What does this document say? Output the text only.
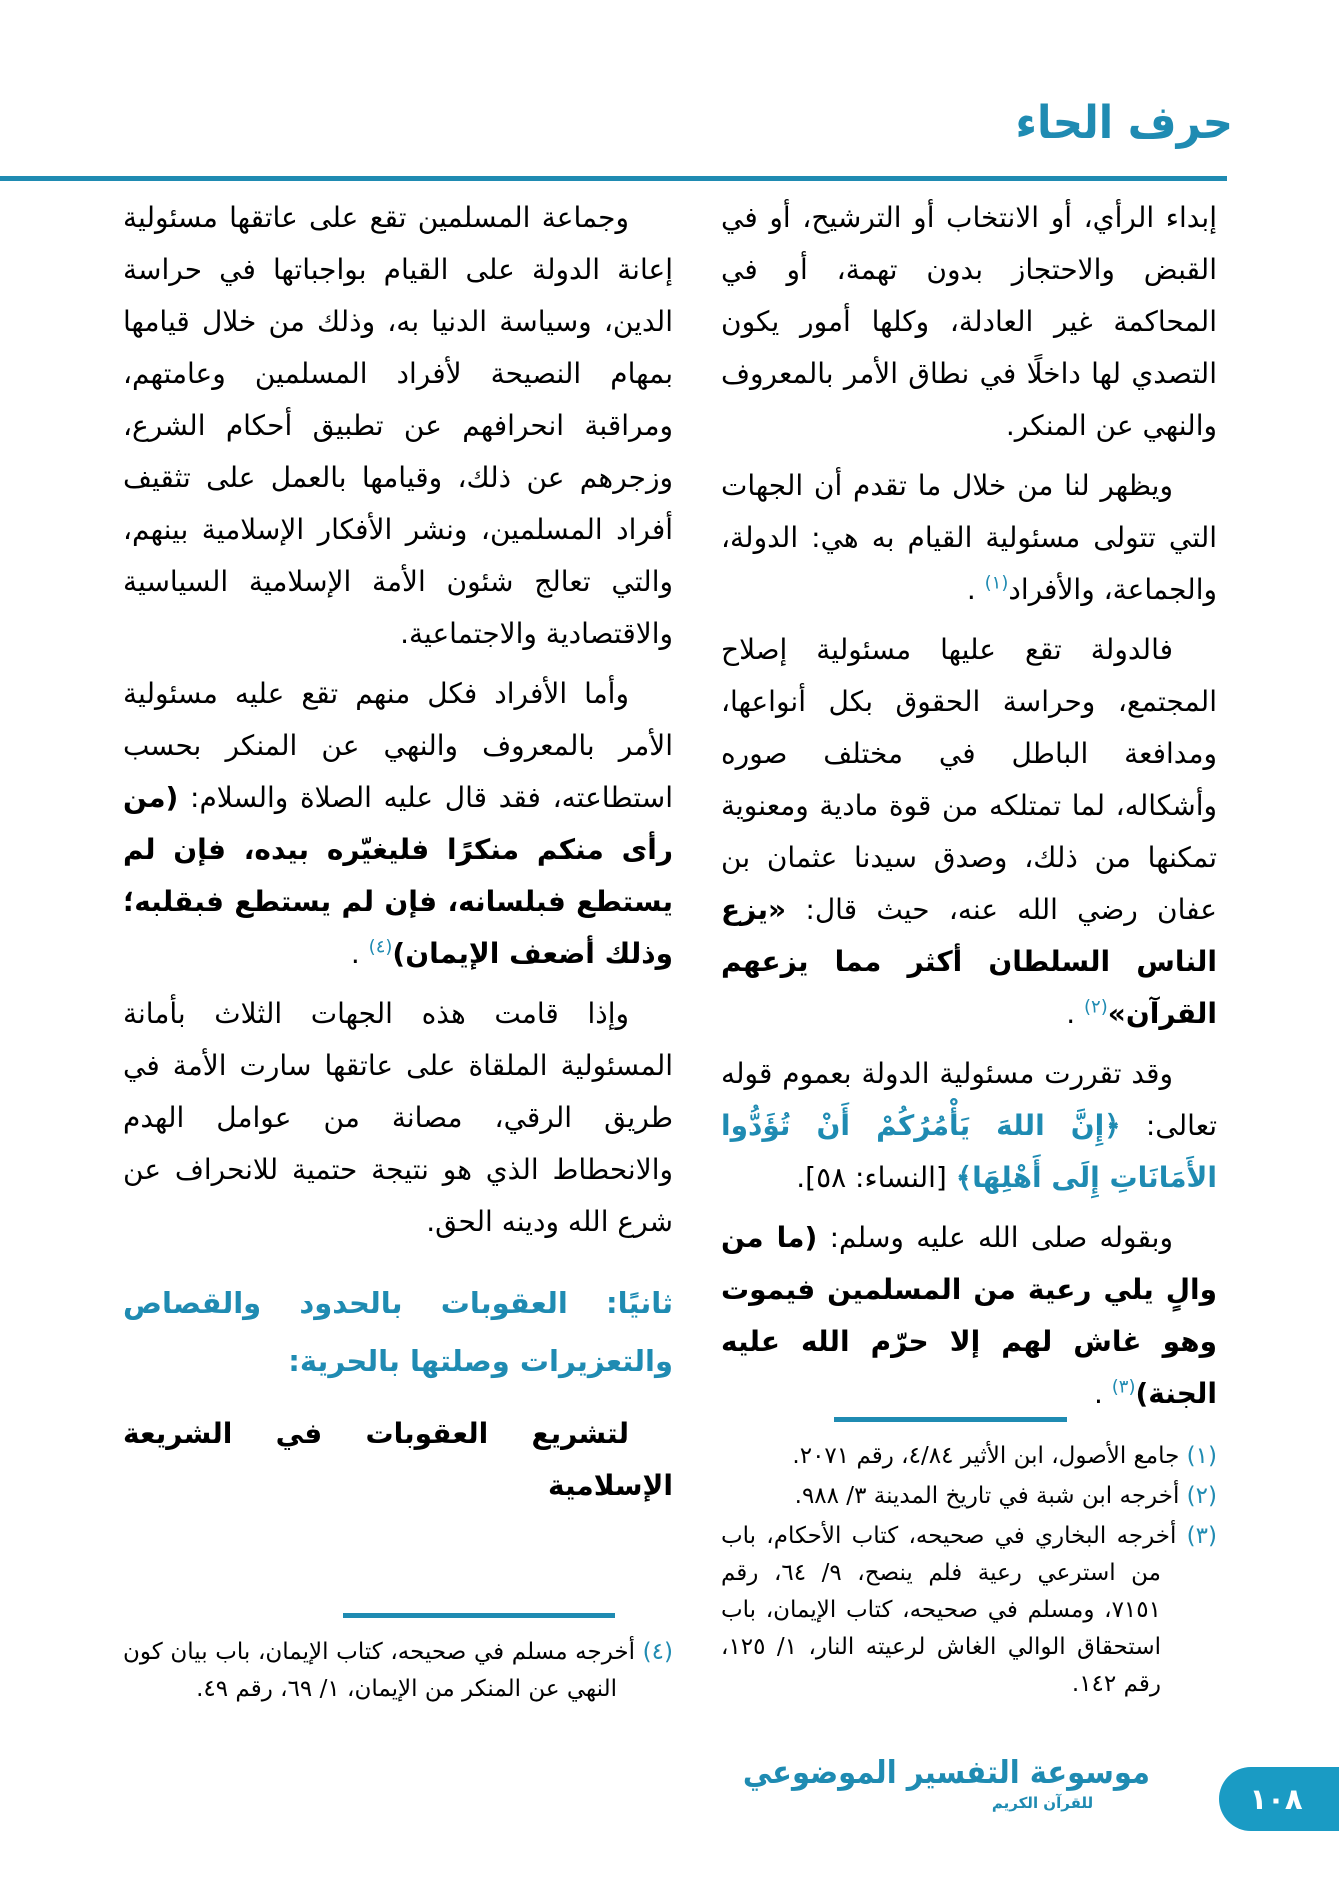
حرف الحاء

إبداء الرأي، أو الانتخاب أو الترشيح، أو في القبض والاحتجاز بدون تهمة، أو في المحاكمة غير العادلة، وكلها أمور يكون التصدي لها داخلًا في نطاق الأمر بالمعروف والنهي عن المنكر.

ويظهر لنا من خلال ما تقدم أن الجهات التي تتولى مسئولية القيام به هي: الدولة، والجماعة، والأفراد$^{(١)}$ .

فالدولة تقع عليها مسئولية إصلاح المجتمع، وحراسة الحقوق بكل أنواعها، ومدافعة الباطل في مختلف صوره وأشكاله، لما تمتلكه من قوة مادية ومعنوية تمكنها من ذلك، وصدق سيدنا عثمان بن عفان رضي الله عنه، حيث قال: «يزع الناس السلطان أكثر مما يزعهم القرآن»$^{(٢)}$ .

وقد تقررت مسئولية الدولة بعموم قوله تعالى: ﴿إِنَّ اللهَ يَأْمُرُكُمْ أَنْ تُؤَدُّوا الأَمَانَاتِ إِلَى أَهْلِهَا﴾ [النساء: ٥٨].

وبقوله صلى الله عليه وسلم: (ما من والٍ يلي رعية من المسلمين فيموت وهو غاش لهم إلا حرّم الله عليه الجنة)$^{(٣)}$ .

(١) جامع الأصول، ابن الأثير ٤/٨٤، رقم ٢٠٧١.
(٢) أخرجه ابن شبة في تاريخ المدينة ٣/ ٩٨٨.
(٣) أخرجه البخاري في صحيحه، كتاب الأحكام، باب من استرعي رعية فلم ينصح، ٩/ ٦٤، رقم ٧١٥١، ومسلم في صحيحه، كتاب الإيمان، باب استحقاق الوالي الغاش لرعيته النار، ١/ ١٢٥، رقم ١٤٢.

وجماعة المسلمين تقع على عاتقها مسئولية إعانة الدولة على القيام بواجباتها في حراسة الدين، وسياسة الدنيا به، وذلك من خلال قيامها بمهام النصيحة لأفراد المسلمين وعامتهم، ومراقبة انحرافهم عن تطبيق أحكام الشرع، وزجرهم عن ذلك، وقيامها بالعمل على تثقيف أفراد المسلمين، ونشر الأفكار الإسلامية بينهم، والتي تعالج شئون الأمة الإسلامية السياسية والاقتصادية والاجتماعية.

وأما الأفراد فكل منهم تقع عليه مسئولية الأمر بالمعروف والنهي عن المنكر بحسب استطاعته، فقد قال عليه الصلاة والسلام: (من رأى منكم منكرًا فليغيّره بيده، فإن لم يستطع فبلسانه، فإن لم يستطع فبقلبه؛ وذلك أضعف الإيمان)$^{(٤)}$ .

وإذا قامت هذه الجهات الثلاث بأمانة المسئولية الملقاة على عاتقها سارت الأمة في طريق الرقي، مصانة من عوامل الهدم والانحطاط الذي هو نتيجة حتمية للانحراف عن شرع الله ودينه الحق.

ثانيًا: العقوبات بالحدود والقصاص والتعزيرات وصلتها بالحرية:

لتشريع العقوبات في الشريعة الإسلامية

(٤) أخرجه مسلم في صحيحه، كتاب الإيمان، باب بيان كون النهي عن المنكر من الإيمان، ١/ ٦٩، رقم ٤٩.
موسوعة التفسير الموضوعي
للقرآن الكريم	١٠٨
